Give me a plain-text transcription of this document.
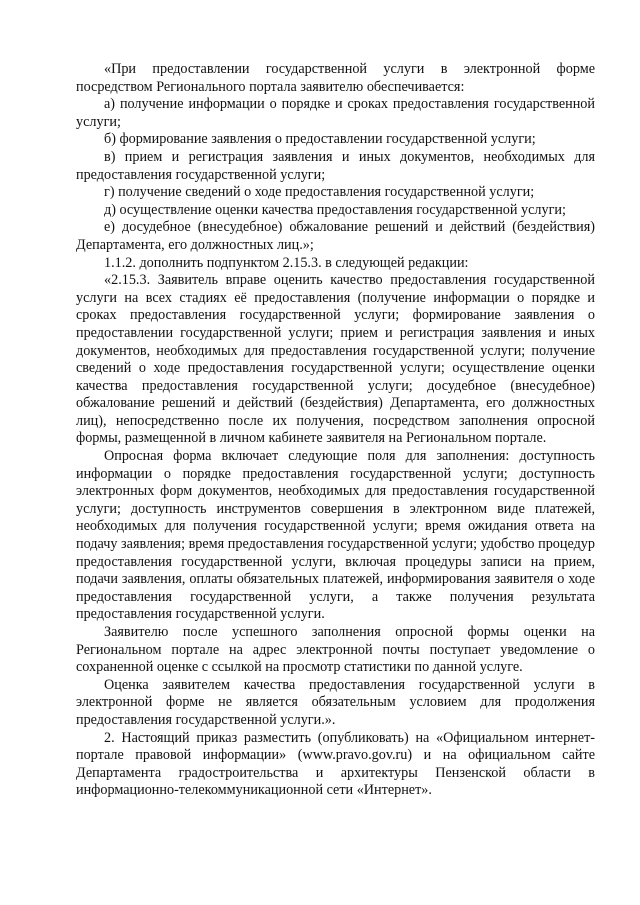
«При предоставлении государственной услуги в электронной форме посредством Регионального портала заявителю обеспечивается:

а) получение информации о порядке и сроках предоставления государственной услуги;

б) формирование заявления о предоставлении государственной услуги;

в) прием и регистрация заявления и иных документов, необходимых для предоставления государственной услуги;

г) получение сведений о ходе предоставления государственной услуги;

д) осуществление оценки качества предоставления государственной услуги;

е) досудебное (внесудебное) обжалование решений и действий (бездействия) Департамента, его должностных лиц.»;

1.1.2. дополнить подпунктом 2.15.3. в следующей редакции:

«2.15.3. Заявитель вправе оценить качество предоставления государственной услуги на всех стадиях её предоставления (получение информации о порядке и сроках предоставления государственной услуги; формирование заявления о предоставлении государственной услуги; прием и регистрация заявления и иных документов, необходимых для предоставления государственной услуги; получение сведений о ходе предоставления государственной услуги; осуществление оценки качества предоставления государственной услуги; досудебное (внесудебное) обжалование решений и действий (бездействия) Департамента, его должностных лиц), непосредственно после их получения, посредством заполнения опросной формы, размещенной в личном кабинете заявителя на Региональном портале.

Опросная форма включает следующие поля для заполнения: доступность информации о порядке предоставления государственной услуги; доступность электронных форм документов, необходимых для предоставления государственной услуги; доступность инструментов совершения в электронном виде платежей, необходимых для получения государственной услуги; время ожидания ответа на подачу заявления; время предоставления государственной услуги; удобство процедур предоставления государственной услуги, включая процедуры записи на прием, подачи заявления, оплаты обязательных платежей, информирования заявителя о ходе предоставления государственной услуги, а также получения результата предоставления государственной услуги.

Заявителю после успешного заполнения опросной формы оценки на Региональном портале на адрес электронной почты поступает уведомление о сохраненной оценке с ссылкой на просмотр статистики по данной услуге.

Оценка заявителем качества предоставления государственной услуги в электронной форме не является обязательным условием для продолжения предоставления государственной услуги.».

2. Настоящий приказ разместить (опубликовать) на «Официальном интернет-портале правовой информации» (www.pravo.gov.ru) и на официальном сайте Департамента градостроительства и архитектуры Пензенской области в информационно-телекоммуникационной сети «Интернет».
